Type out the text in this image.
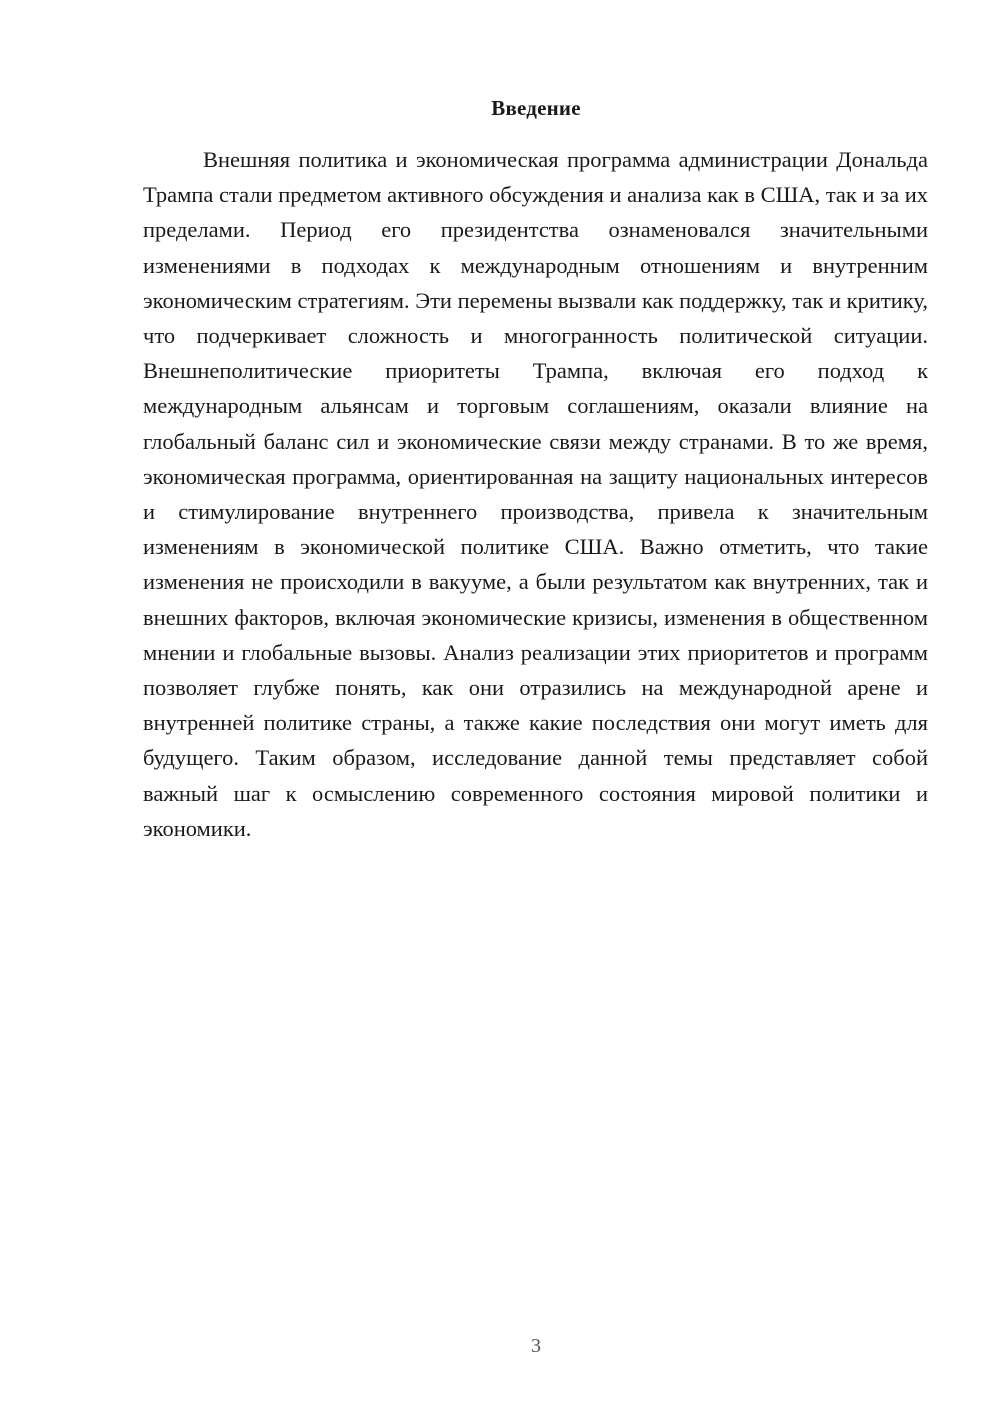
Введение

Внешняя политика и экономическая программа администрации Дональда Трампа стали предметом активного обсуждения и анализа как в США, так и за их пределами. Период его президентства ознаменовался значительными изменениями в подходах к международным отношениям и внутренним экономическим стратегиям. Эти перемены вызвали как поддержку, так и критику, что подчеркивает сложность и многогранность политической ситуации. Внешнеполитические приоритеты Трампа, включая его подход к международным альянсам и торговым соглашениям, оказали влияние на глобальный баланс сил и экономические связи между странами. В то же время, экономическая программа, ориентированная на защиту национальных интересов и стимулирование внутреннего производства, привела к значительным изменениям в экономической политике США. Важно отметить, что такие изменения не происходили в вакууме, а были результатом как внутренних, так и внешних факторов, включая экономические кризисы, изменения в общественном мнении и глобальные вызовы. Анализ реализации этих приоритетов и программ позволяет глубже понять, как они отразились на международной арене и внутренней политике страны, а также какие последствия они могут иметь для будущего. Таким образом, исследование данной темы представляет собой важный шаг к осмыслению современного состояния мировой политики и экономики.

3
